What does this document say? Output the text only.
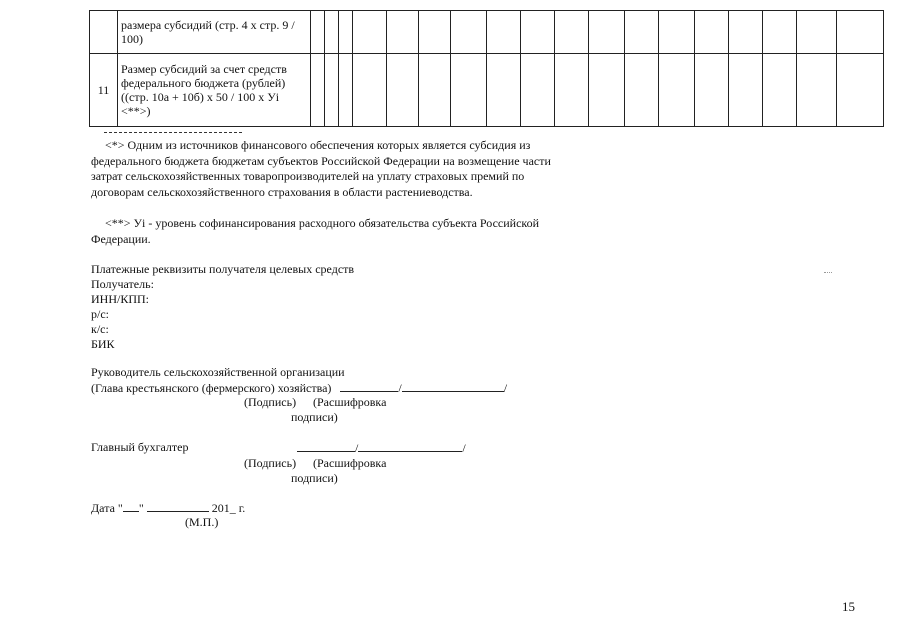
	размера субсидий (стр. 4 х стр. 9 / 100)																		
11	Размер субсидий за счет средств федерального бюджета (рублей) ((стр. 10а + 10б) х 50 / 100 х Уi <**>)																		
<*> Одним из источников финансового обеспечения которых является субсидия из федерального бюджета бюджетам субъектов Российской Федерации на возмещение части затрат сельскохозяйственных товаропроизводителей на уплату страховых премий по договорам сельскохозяйственного страхования в области растениеводства.
<**> Уi - уровень софинансирования расходного обязательства субъекта Российской Федерации.
Платежные реквизиты получателя целевых средств
Получатель:
ИНН/КПП:
р/с:
к/с:
БИК
Руководитель сельскохозяйственной организации
(Глава крестьянского (фермерского) хозяйства)	/	/
(Подпись) (Расшифровка
подписи)
Главный бухгалтер	/	/
(Подпись) (Расшифровка
подписи)
Дата " "	201_ г.
(М.П.)
15
